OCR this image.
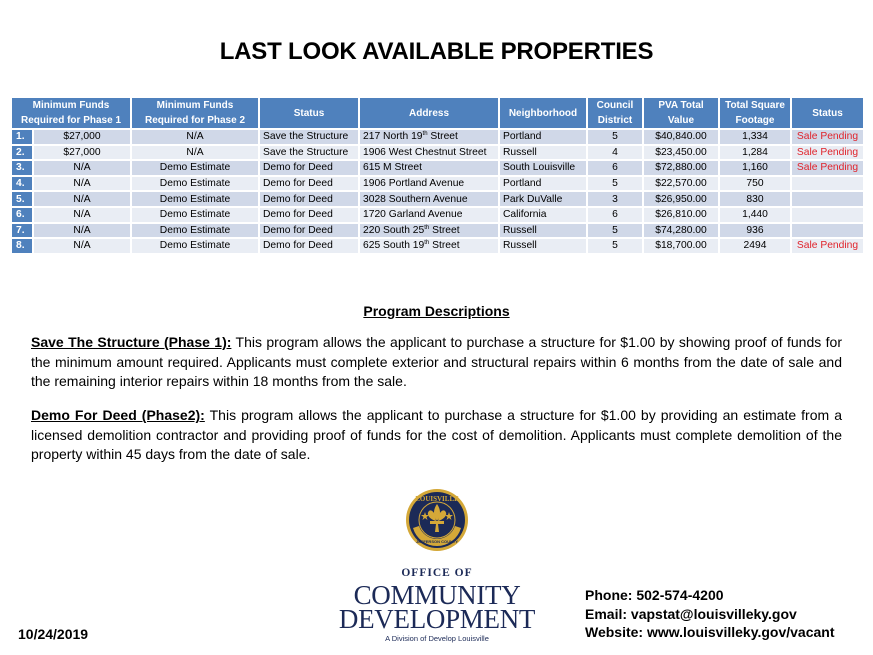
LAST LOOK AVAILABLE PROPERTIES
Minimum Funds Required for Phase 1		Minimum Funds Required for Phase 2	Status	Address	Neighborhood	Council District	PVA Total Value	Total Square Footage	Status
1.	$27,000	N/A	Save the Structure	217 North 19th Street	Portland	5	$40,840.00	1,334	Sale Pending
2.	$27,000	N/A	Save the Structure	1906 West Chestnut Street	Russell	4	$23,450.00	1,284	Sale Pending
3.	N/A	Demo Estimate	Demo for Deed	615 M Street	South Louisville	6	$72,880.00	1,160	Sale Pending
4.	N/A	Demo Estimate	Demo for Deed	1906 Portland Avenue	Portland	5	$22,570.00	750	
5.	N/A	Demo Estimate	Demo for Deed	3028 Southern Avenue	Park DuValle	3	$26,950.00	830	
6.	N/A	Demo Estimate	Demo for Deed	1720 Garland Avenue	California	6	$26,810.00	1,440	
7.	N/A	Demo Estimate	Demo for Deed	220 South 25th Street	Russell	5	$74,280.00	936	
8.	N/A	Demo Estimate	Demo for Deed	625 South 19th Street	Russell	5	$18,700.00	2494	Sale Pending
Program Descriptions
Save The Structure (Phase 1): This program allows the applicant to purchase a structure for $1.00 by showing proof of funds for the minimum amount required. Applicants must complete exterior and structural repairs within 6 months from the date of sale and the remaining interior repairs within 18 months from the sale.
Demo For Deed (Phase2): This program allows the applicant to purchase a structure for $1.00 by providing an estimate from a licensed demolition contractor and providing proof of funds for the cost of demolition. Applicants must complete demolition of the property within 45 days from the date of sale.
LOUISVILLE
JEFFERSON COUNTY
OFFICE OF
COMMUNITY
DEVELOPMENT
A Division of Develop Louisville
Phone: 502-574-4200
Email: vapstat@louisvilleky.gov
Website: www.louisvilleky.gov/vacant
10/24/2019
